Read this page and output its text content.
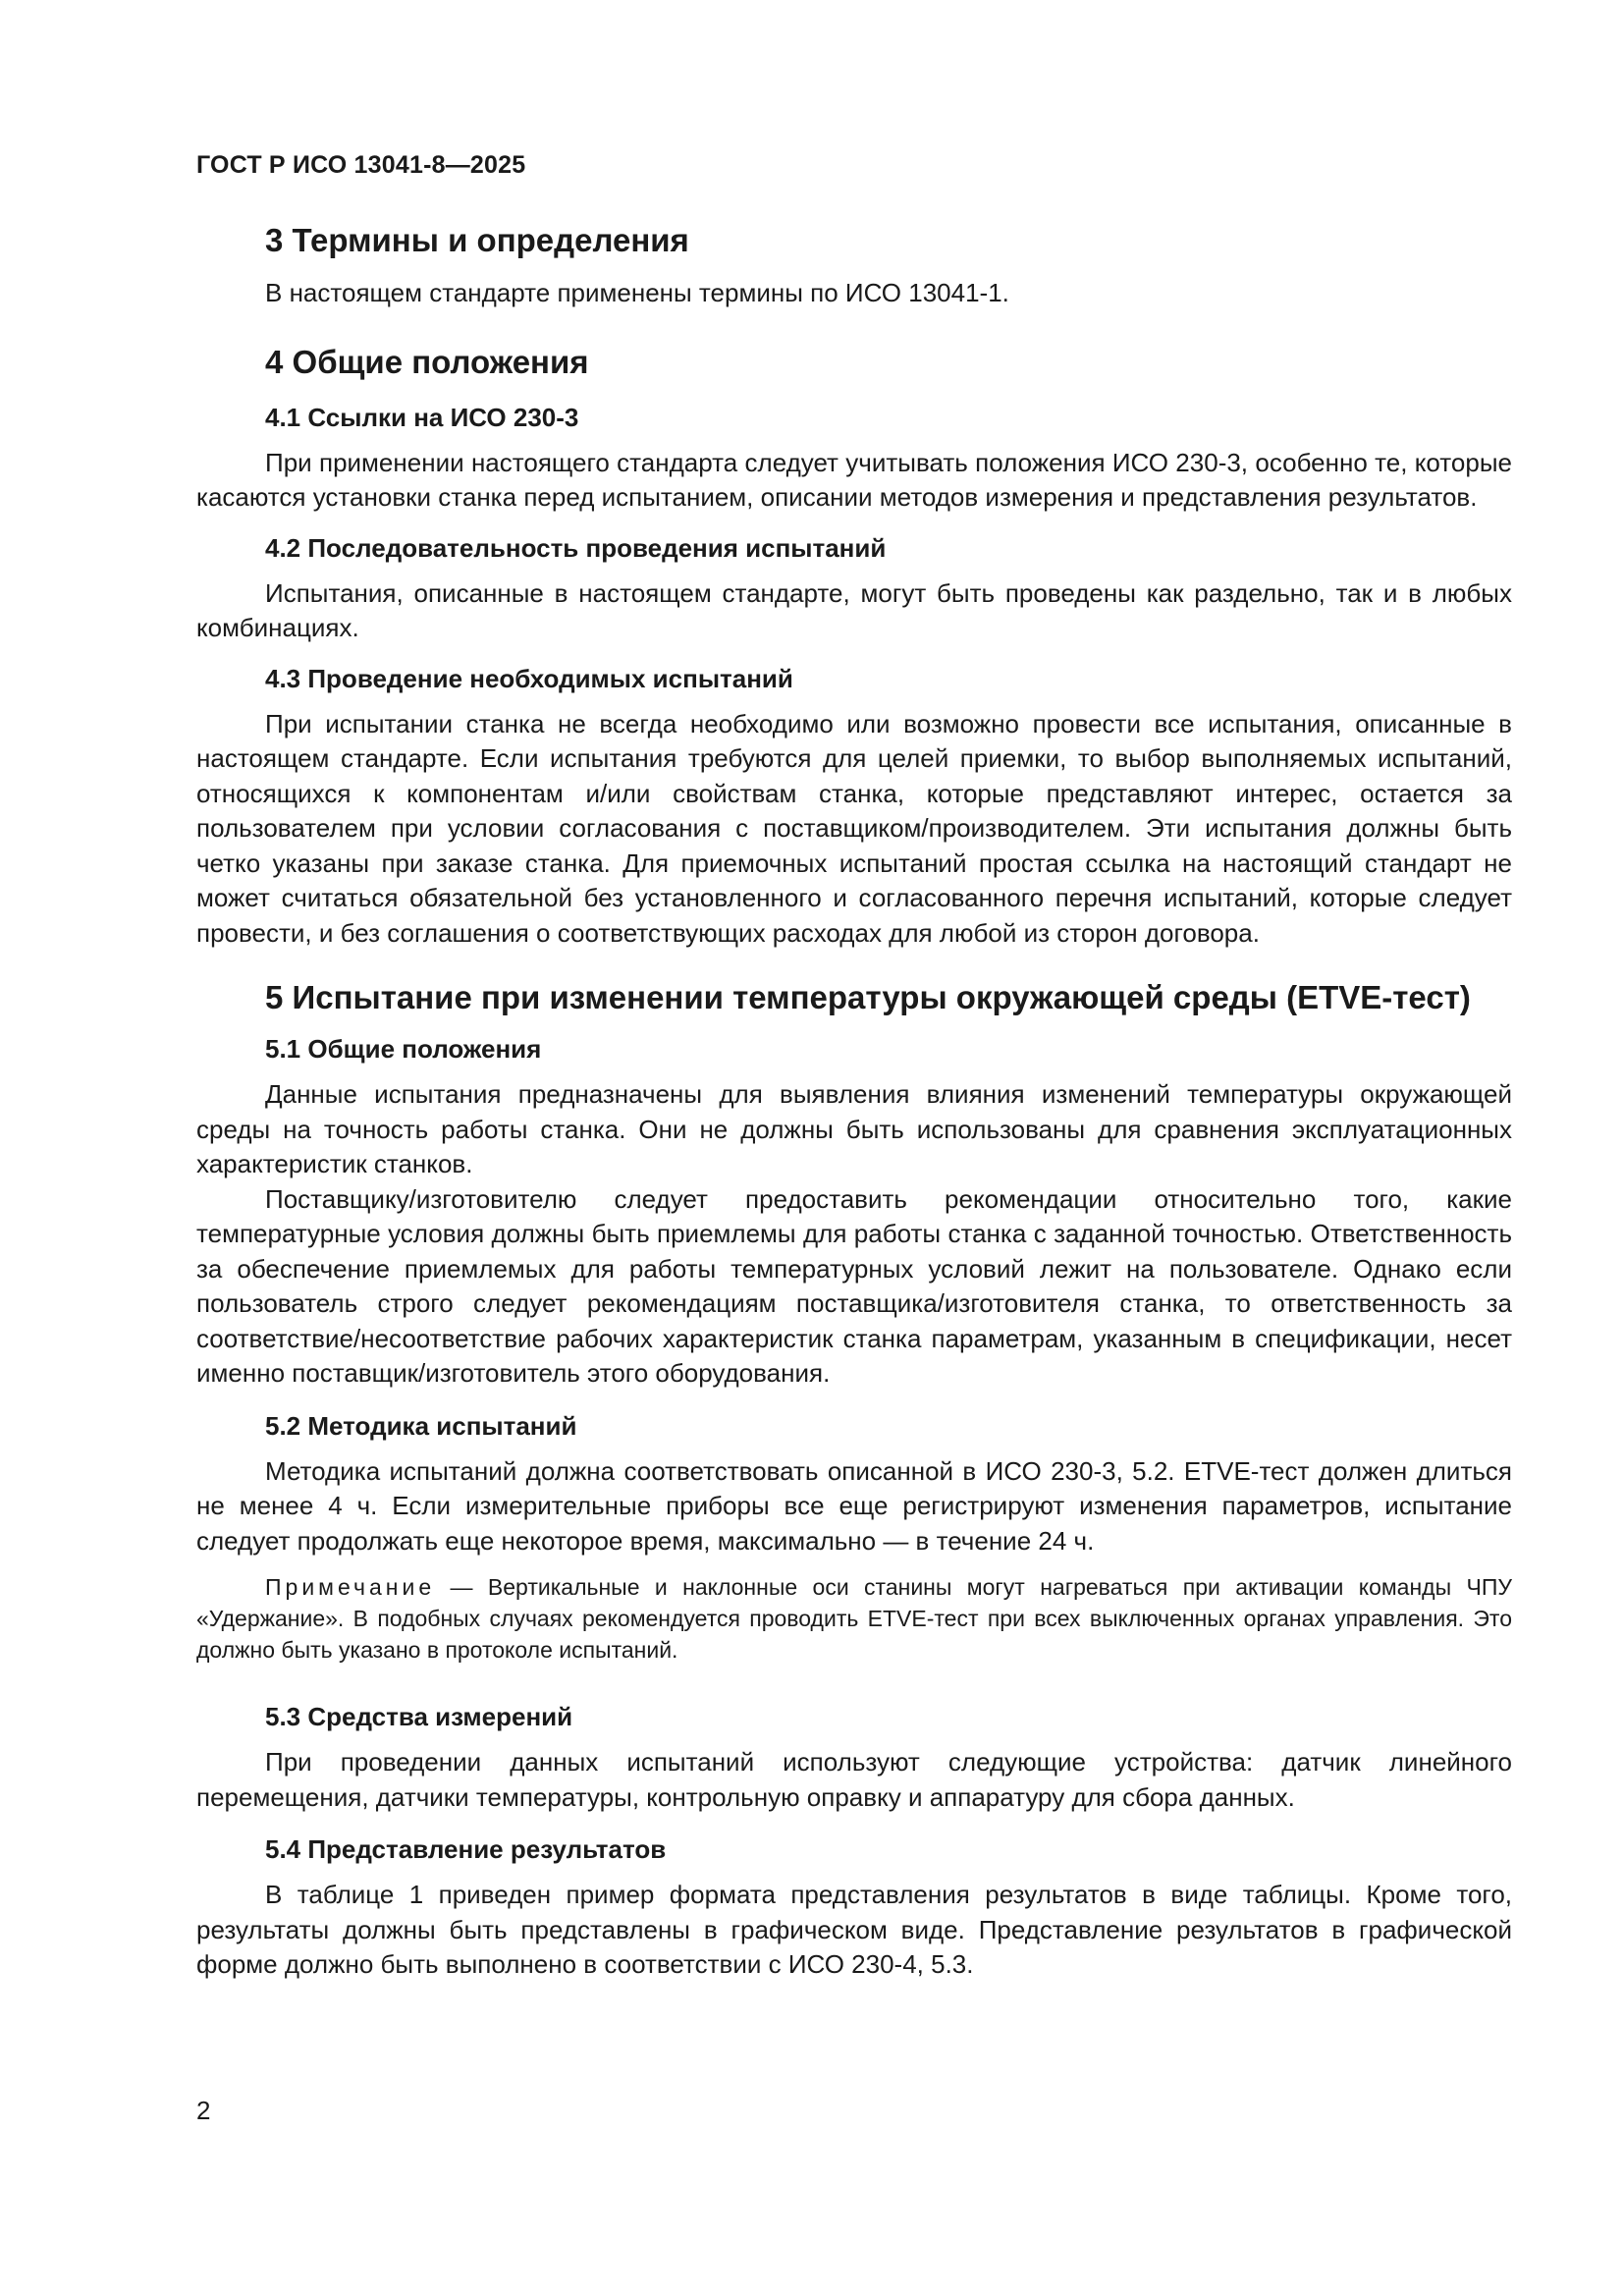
ГОСТ Р ИСО 13041-8—2025
3 Термины и определения

В настоящем стандарте применены термины по ИСО 13041-1.

4 Общие положения
4.1 Ссылки на ИСО 230-3

При применении настоящего стандарта следует учитывать положения ИСО 230-3, особенно те, которые касаются установки станка перед испытанием, описании методов измерения и представления результатов.

4.2 Последовательность проведения испытаний

Испытания, описанные в настоящем стандарте, могут быть проведены как раздельно, так и в любых комбинациях.

4.3 Проведение необходимых испытаний

При испытании станка не всегда необходимо или возможно провести все испытания, описанные в настоящем стандарте. Если испытания требуются для целей приемки, то выбор выполняемых испытаний, относящихся к компонентам и/или свойствам станка, которые представляют интерес, остается за пользователем при условии согласования с поставщиком/производителем. Эти испытания должны быть четко указаны при заказе станка. Для приемочных испытаний простая ссылка на настоящий стандарт не может считаться обязательной без установленного и согласованного перечня испытаний, которые следует провести, и без соглашения о соответствующих расходах для любой из сторон договора.

5 Испытание при изменении температуры окружающей среды (ETVE-тест)
5.1 Общие положения

Данные испытания предназначены для выявления влияния изменений температуры окружающей среды на точность работы станка. Они не должны быть использованы для сравнения эксплуатационных характеристик станков.

Поставщику/изготовителю следует предоставить рекомендации относительно того, какие температурные условия должны быть приемлемы для работы станка с заданной точностью. Ответственность за обеспечение приемлемых для работы температурных условий лежит на пользователе. Однако если пользователь строго следует рекомендациям поставщика/изготовителя станка, то ответственность за соответствие/несоответствие рабочих характеристик станка параметрам, указанным в спецификации, несет именно поставщик/изготовитель этого оборудования.

5.2 Методика испытаний

Методика испытаний должна соответствовать описанной в ИСО 230-3, 5.2. ETVE-тест должен длиться не менее 4 ч. Если измерительные приборы все еще регистрируют изменения параметров, испытание следует продолжать еще некоторое время, максимально — в течение 24 ч.

Примечание — Вертикальные и наклонные оси станины могут нагреваться при активации команды ЧПУ «Удержание». В подобных случаях рекомендуется проводить ETVE-тест при всех выключенных органах управления. Это должно быть указано в протоколе испытаний.

5.3 Средства измерений

При проведении данных испытаний используют следующие устройства: датчик линейного перемещения, датчики температуры, контрольную оправку и аппаратуру для сбора данных.

5.4 Представление результатов

В таблице 1 приведен пример формата представления результатов в виде таблицы. Кроме того, результаты должны быть представлены в графическом виде. Представление результатов в графической форме должно быть выполнено в соответствии с ИСО 230-4, 5.3.

2
